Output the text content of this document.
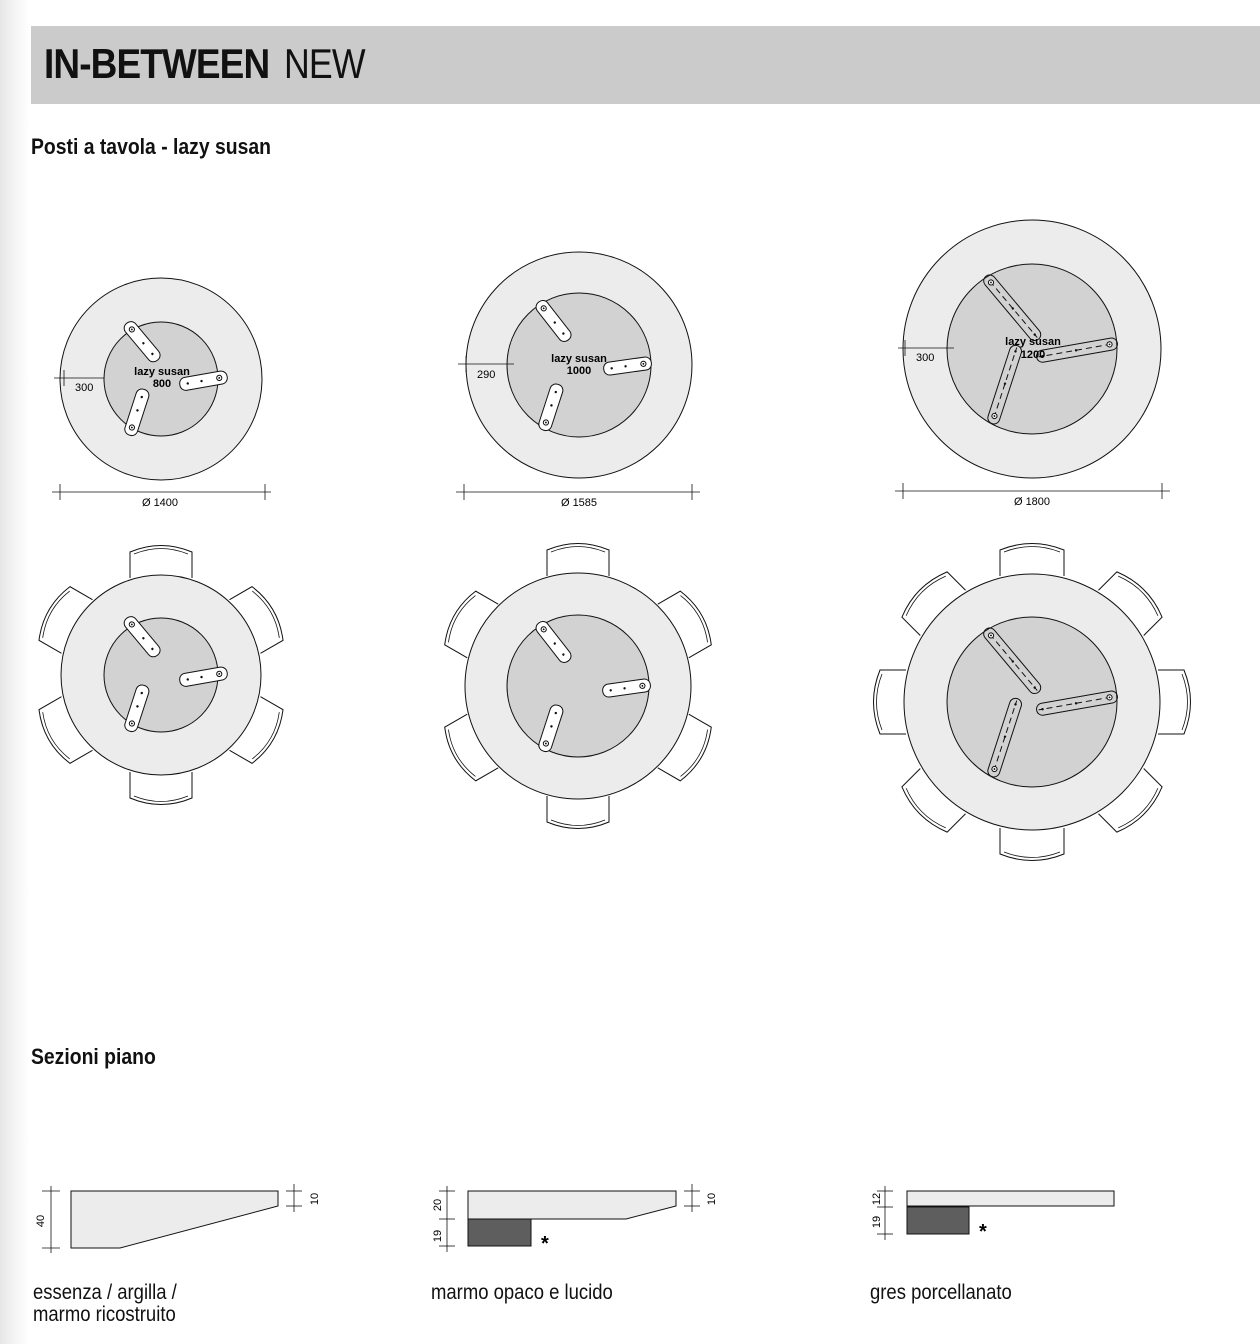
IN-BETWEEN NEW
Posti a tavola - lazy susan
Sezioni piano
300
lazy susan
800
Ø 1400
290
lazy susan
1000
Ø 1585
300
lazy susan
1200
Ø 1800
40
10	20
19
10
*
12
19	*
essenza / argilla /
marmo ricostruito
marmo opaco e lucido	gres porcellanato
